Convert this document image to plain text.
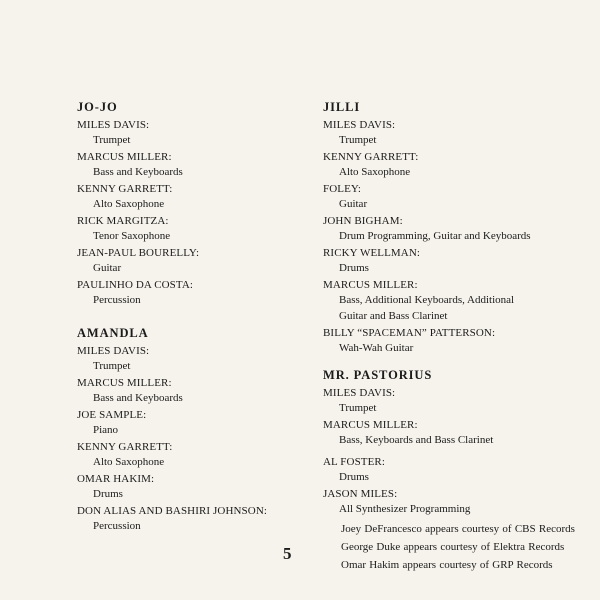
JO-JO
MILES DAVIS:
Trumpet
MARCUS MILLER:
Bass and Keyboards
KENNY GARRETT:
Alto Saxophone
RICK MARGITZA:
Tenor Saxophone
JEAN-PAUL BOURELLY:
Guitar
PAULINHO DA COSTA:
Percussion
AMANDLA
MILES DAVIS:
Trumpet
MARCUS MILLER:
Bass and Keyboards
JOE SAMPLE:
Piano
KENNY GARRETT:
Alto Saxophone
OMAR HAKIM:
Drums
DON ALIAS AND BASHIRI JOHNSON:
Percussion
JILLI
MILES DAVIS:
Trumpet
KENNY GARRETT:
Alto Saxophone
FOLEY:
Guitar
JOHN BIGHAM:
Drum Programming, Guitar and Keyboards
RICKY WELLMAN:
Drums
MARCUS MILLER:
Bass, Additional Keyboards, Additional
Guitar and Bass Clarinet
BILLY “SPACEMAN” PATTERSON:
Wah-Wah Guitar
MR. PASTORIUS
MILES DAVIS:
Trumpet
MARCUS MILLER:
Bass, Keyboards and Bass Clarinet
AL FOSTER:
Drums
JASON MILES:
All Synthesizer Programming
Joey DeFrancesco appears courtesy of CBS Records
George Duke appears courtesy of Elektra Records
Omar Hakim appears courtesy of GRP Records
5
